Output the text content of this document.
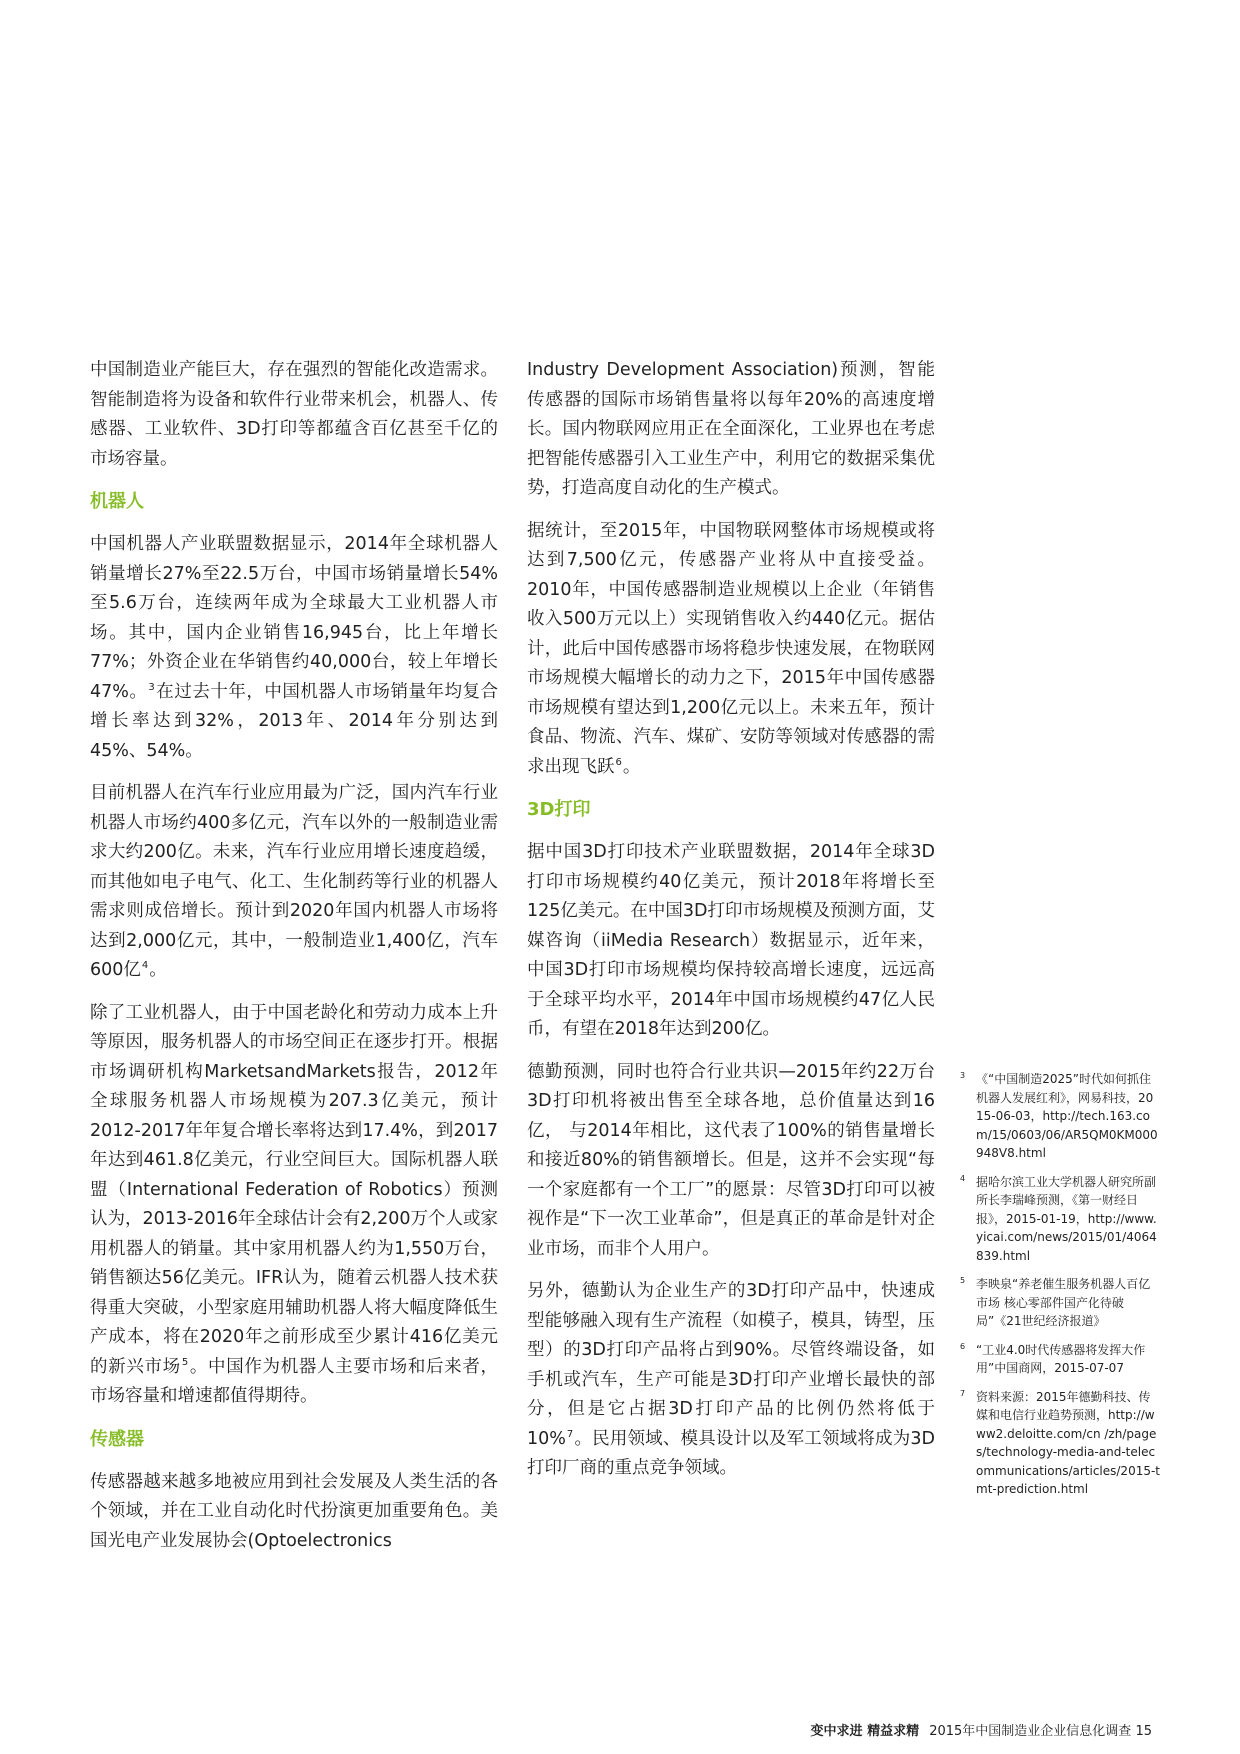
中国制造业产能巨大，存在强烈的智能化改造需求。智能制造将为设备和软件行业带来机会，机器人、传感器、工业软件、3D打印等都蕴含百亿甚至千亿的市场容量。

机器人

中国机器人产业联盟数据显示，2014年全球机器人销量增长27%至22.5万台，中国市场销量增长54%至5.6万台，连续两年成为全球最大工业机器人市场。其中，国内企业销售16,945台，比上年增长77%；外资企业在华销售约40,000台，较上年增长47%。$^3$在过去十年，中国机器人市场销量年均复合增长率达到32%，2013年、2014年分别达到45%、54%。

目前机器人在汽车行业应用最为广泛，国内汽车行业机器人市场约400多亿元，汽车以外的一般制造业需求大约200亿。未来，汽车行业应用增长速度趋缓，而其他如电子电气、化工、生化制药等行业的机器人需求则成倍增长。预计到2020年国内机器人市场将达到2,000亿元，其中，一般制造业1,400亿，汽车600亿$^4$。

除了工业机器人，由于中国老龄化和劳动力成本上升等原因，服务机器人的市场空间正在逐步打开。根据市场调研机构MarketsandMarkets报告，2012年全球服务机器人市场规模为207.3亿美元，预计2012-2017年年复合增长率将达到17.4%，到2017年达到461.8亿美元，行业空间巨大。国际机器人联盟（International Federation of Robotics）预测认为，2013-2016年全球估计会有2,200万个人或家用机器人的销量。其中家用机器人约为1,550万台，销售额达56亿美元。IFR认为，随着云机器人技术获得重大突破，小型家庭用辅助机器人将大幅度降低生产成本，将在2020年之前形成至少累计416亿美元的新兴市场$^5$。中国作为机器人主要市场和后来者，市场容量和增速都值得期待。

传感器

传感器越来越多地被应用到社会发展及人类生活的各个领域，并在工业自动化时代扮演更加重要角色。美国光电产业发展协会(Optoelectronics

Industry Development Association)预测，智能传感器的国际市场销售量将以每年20%的高速度增长。国内物联网应用正在全面深化，工业界也在考虑把智能传感器引入工业生产中，利用它的数据采集优势，打造高度自动化的生产模式。

据统计，至2015年，中国物联网整体市场规模或将达到7,500亿元，传感器产业将从中直接受益。2010年，中国传感器制造业规模以上企业（年销售收入500万元以上）实现销售收入约440亿元。据估计，此后中国传感器市场将稳步快速发展，在物联网市场规模大幅增长的动力之下，2015年中国传感器市场规模有望达到1,200亿元以上。未来五年，预计食品、物流、汽车、煤矿、安防等领域对传感器的需求出现飞跃$^6$。

3D打印

据中国3D打印技术产业联盟数据，2014年全球3D打印市场规模约40亿美元，预计2018年将增长至125亿美元。在中国3D打印市场规模及预测方面，艾媒咨询（iiMedia Research）数据显示，近年来，中国3D打印市场规模均保持较高增长速度，远远高于全球平均水平，2014年中国市场规模约47亿人民币，有望在2018年达到200亿。

德勤预测，同时也符合行业共识—2015年约22万台3D打印机将被出售至全球各地，总价值量达到16亿， 与2014年相比，这代表了100%的销售量增长和接近80%的销售额增长。但是，这并不会实现“每一个家庭都有一个工厂”的愿景：尽管3D打印可以被视作是“下一次工业革命”，但是真正的革命是针对企业市场，而非个人用户。

另外，德勤认为企业生产的3D打印产品中，快速成型能够融入现有生产流程（如模子，模具，铸型，压型）的3D打印产品将占到90%。尽管终端设备，如手机或汽车，生产可能是3D打印产业增长最快的部分，但是它占据3D打印产品的比例仍然将低于10%$^7$。民用领域、模具设计以及军工领域将成为3D打印厂商的重点竞争领域。

3 《“中国制造2025”时代如何抓住机器人发展红利》，网易科技，2015-06-03，http://tech.163.com/15/0603/06/AR5QM0KM000948V8.html
4 据哈尔滨工业大学机器人研究所副所长李瑞峰预测，《第一财经日报》，2015-01-19，http://www.yicai.com/news/2015/01/4064839.html
5 李映泉“养老催生服务机器人百亿市场 核心零部件国产化待破局”《21世纪经济报道》
6 “工业4.0时代传感器将发挥大作用”中国商网，2015-07-07
7 资料来源：2015年德勤科技、传媒和电信行业趋势预测，http://www2.deloitte.com/cn /zh/pages/technology-media-and-telecommunications/articles/2015-tmt-prediction.html
变中求进 精益求精 2015年中国制造业企业信息化调查 15
